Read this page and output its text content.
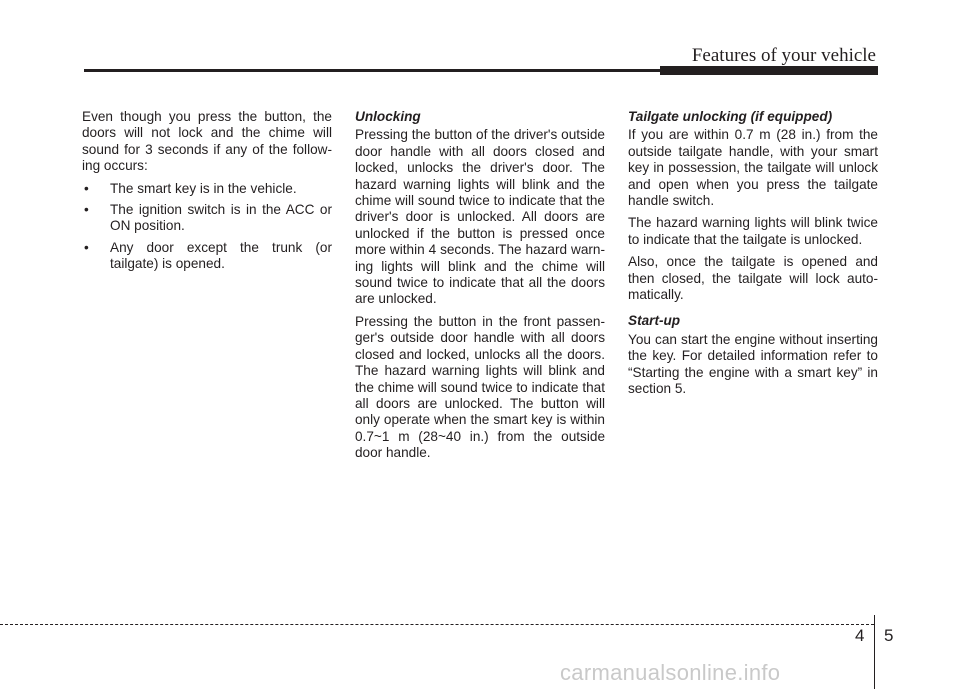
Features of your vehicle

Even though you press the button, the doors will not lock and the chime will sound for 3 seconds if any of the following occurs:

• The smart key is in the vehicle.
• The ignition switch is in the ACC or ON position.
• Any door except the trunk (or tailgate) is opened.
Unlocking

Pressing the button of the driver's outside door handle with all doors closed and locked, unlocks the driver's door. The hazard warning lights will blink and the chime will sound twice to indicate that the driver's door is unlocked. All doors are unlocked if the button is pressed once more within 4 seconds. The hazard warning lights will blink and the chime will sound twice to indicate that all the doors are unlocked.

Pressing the button in the front passenger's outside door handle with all doors closed and locked, unlocks all the doors. The hazard warning lights will blink and the chime will sound twice to indicate that all doors are unlocked. The button will only operate when the smart key is within 0.7~1 m (28~40 in.) from the outside door handle.

Tailgate unlocking (if equipped)

If you are within 0.7 m (28 in.) from the outside tailgate handle, with your smart key in possession, the tailgate will unlock and open when you press the tailgate handle switch.

The hazard warning lights will blink twice to indicate that the tailgate is unlocked.

Also, once the tailgate is opened and then closed, the tailgate will lock automatically.

Start-up

You can start the engine without inserting the key. For detailed information refer to “Starting the engine with a smart key” in section 5.

4 5
carmanualsonline.info
